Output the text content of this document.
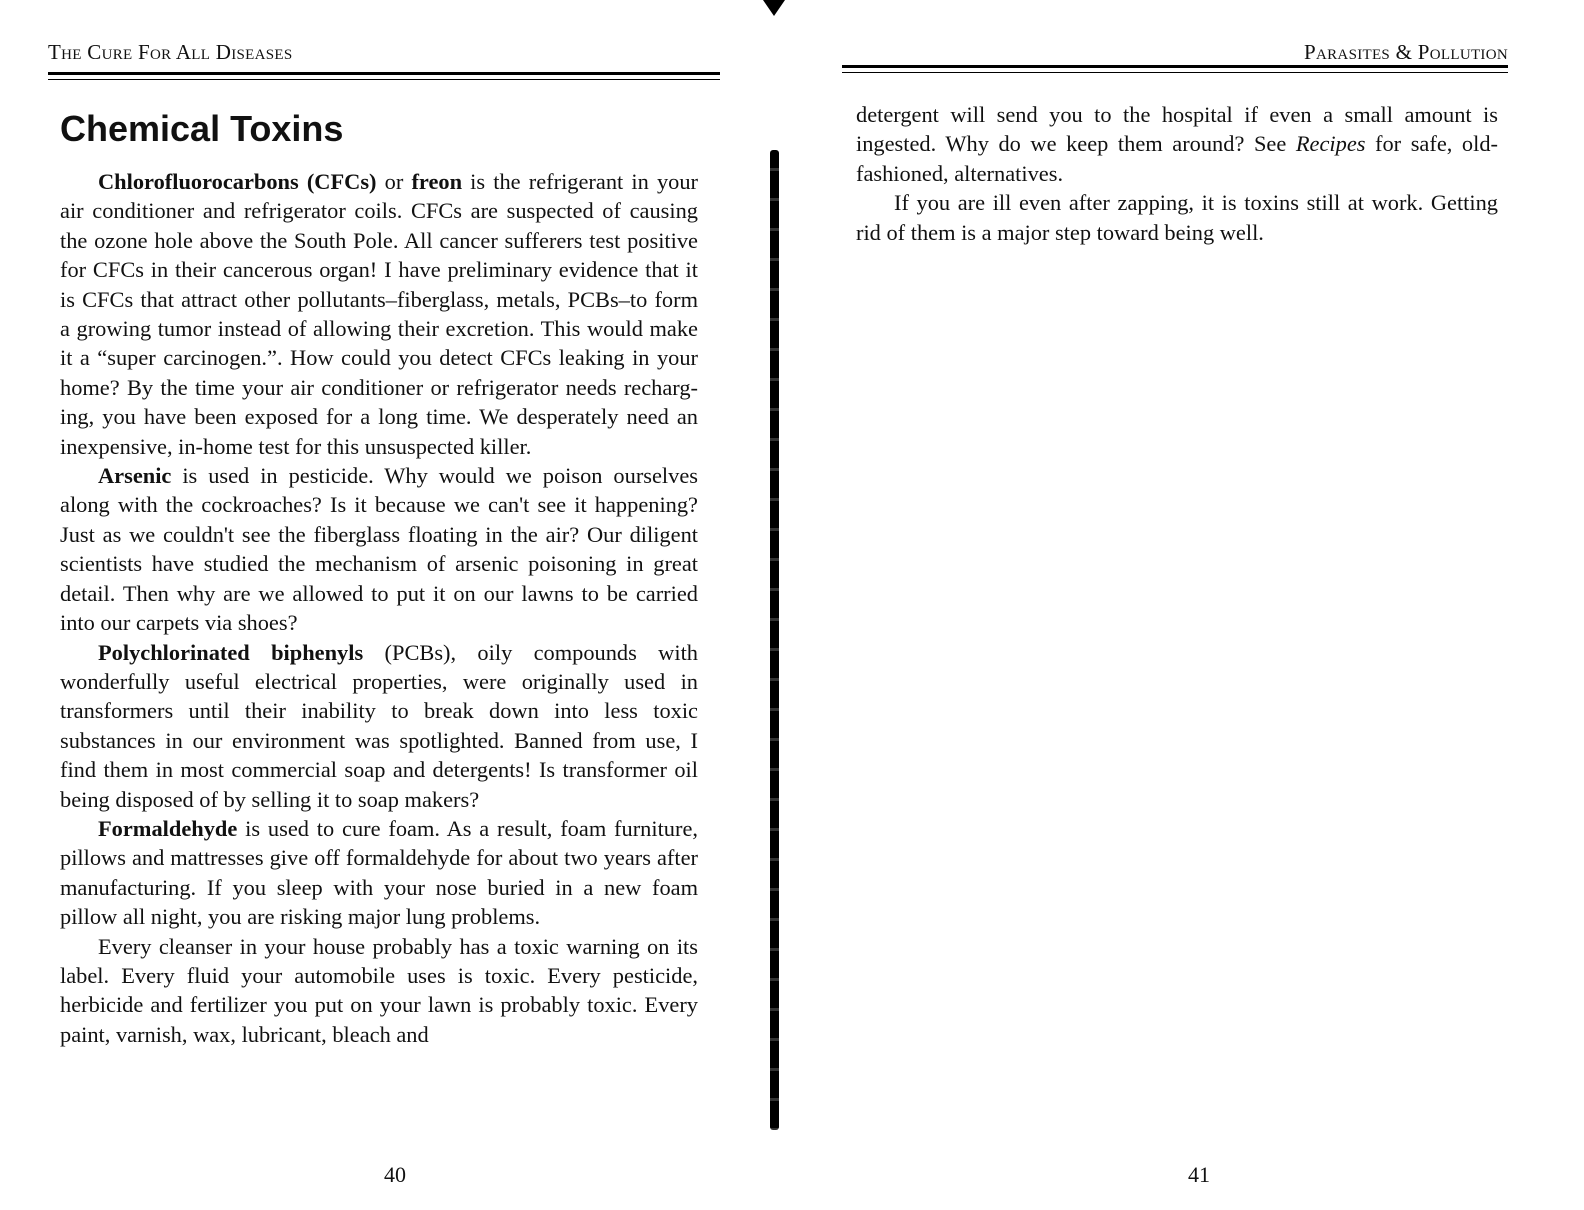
The Cure For All Diseases
Chemical Toxins

Chlorofluorocarbons (CFCs) or freon is the refrigerant in your air conditioner and refrigerator coils. CFCs are suspected of causing the ozone hole above the South Pole. All cancer sufferers test positive for CFCs in their cancerous organ! I have preliminary evidence that it is CFCs that attract other pollutants–fiberglass, metals, PCBs–to form a growing tumor instead of allowing their excretion. This would make it a “super carcinogen.”. How could you detect CFCs leaking in your home? By the time your air conditioner or refrigerator needs recharging, you have been exposed for a long time. We desperately need an inexpensive, in-home test for this unsuspected killer.

Arsenic is used in pesticide. Why would we poison ourselves along with the cockroaches? Is it because we can't see it happening? Just as we couldn't see the fiberglass floating in the air? Our diligent scientists have studied the mechanism of arsenic poisoning in great detail. Then why are we allowed to put it on our lawns to be carried into our carpets via shoes?

Polychlorinated biphenyls (PCBs), oily compounds with wonderfully useful electrical properties, were originally used in transformers until their inability to break down into less toxic substances in our environment was spotlighted. Banned from use, I find them in most commercial soap and detergents! Is transformer oil being disposed of by selling it to soap makers?

Formaldehyde is used to cure foam. As a result, foam furniture, pillows and mattresses give off formaldehyde for about two years after manufacturing. If you sleep with your nose buried in a new foam pillow all night, you are risking major lung problems.

Every cleanser in your house probably has a toxic warning on its label. Every fluid your automobile uses is toxic. Every pesticide, herbicide and fertilizer you put on your lawn is probably toxic. Every paint, varnish, wax, lubricant, bleach and

40
Parasites & Pollution

detergent will send you to the hospital if even a small amount is ingested. Why do we keep them around? See Recipes for safe, old-fashioned, alternatives.

If you are ill even after zapping, it is toxins still at work. Getting rid of them is a major step toward being well.

41
